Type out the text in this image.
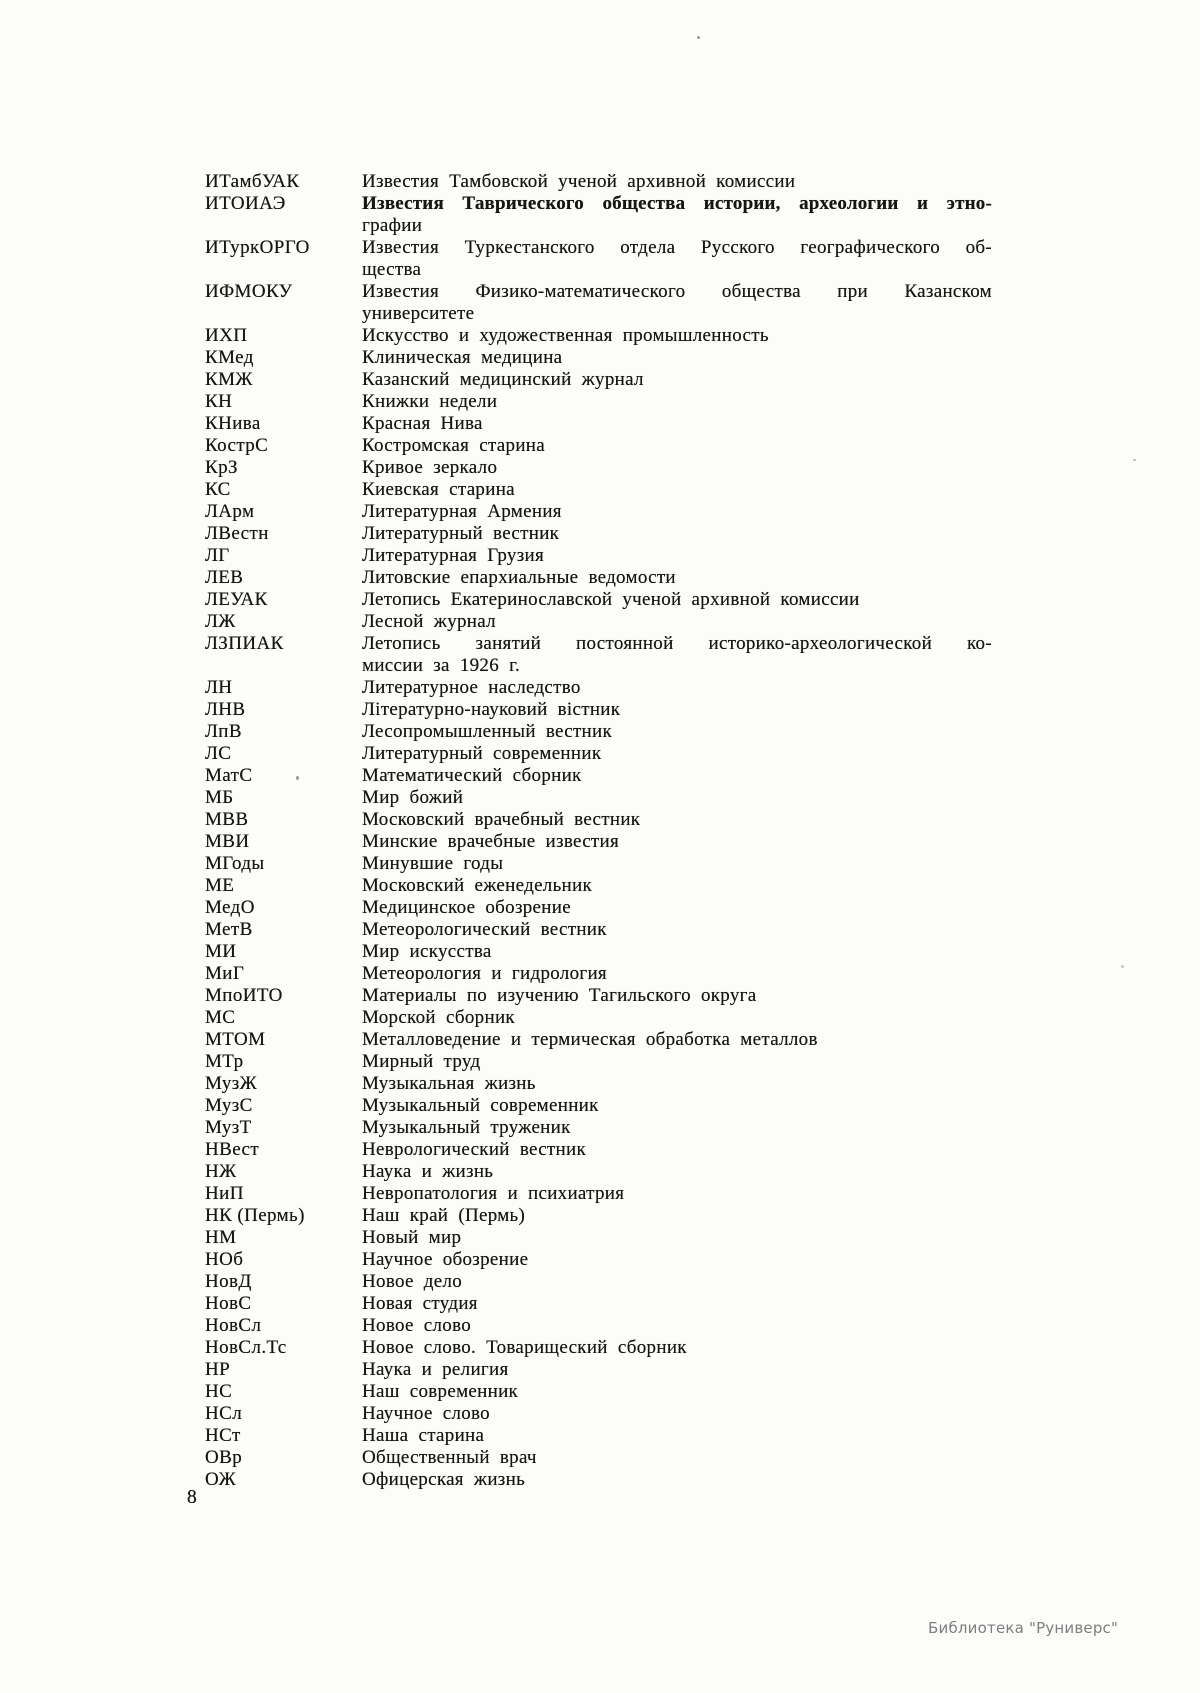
ИТамбУАК	Известия Тамбовской ученой архивной комиссии
ИТОИАЭ	Известия Таврического общества истории, археологии и этно-
графии
ИТуркОРГО	Известия Туркестанского отдела Русского географического об-
щества
ИФМОКУ	Известия Физико-математического общества при Казанском
университете
ИХП	Искусство и художественная промышленность
КМед	Клиническая медицина
КМЖ	Казанский медицинский журнал
КН	Книжки недели
КНива	Красная Нива
КострС	Костромская старина
КрЗ	Кривое зеркало
КС	Киевская старина
ЛАрм	Литературная Армения
ЛВестн	Литературный вестник
ЛГ	Литературная Грузия
ЛЕВ	Литовские епархиальные ведомости
ЛЕУАК	Летопись Екатеринославской ученой архивной комиссии
ЛЖ	Лесной журнал
ЛЗПИАК	Летопись занятий постоянной историко-археологической ко-
миссии за 1926 г.
ЛН	Литературное наследство
ЛНВ	Літературно-науковий вістник
ЛпВ	Лесопромышленный вестник
ЛС	Литературный современник
МатС	Математический сборник
МБ	Мир божий
МВВ	Московский врачебный вестник
МВИ	Минские врачебные известия
МГоды	Минувшие годы
МЕ	Московский еженедельник
МедО	Медицинское обозрение
МетВ	Метеорологический вестник
МИ	Мир искусства
МиГ	Метеорология и гидрология
МпоИТО	Материалы по изучению Тагильского округа
МС	Морской сборник
МТОМ	Металловедение и термическая обработка металлов
МТр	Мирный труд
МузЖ	Музыкальная жизнь
МузС	Музыкальный современник
МузТ	Музыкальный труженик
НВест	Неврологический вестник
НЖ	Наука и жизнь
НиП	Невропатология и психиатрия
НК (Пермь)	Наш край (Пермь)
НМ	Новый мир
НОб	Научное обозрение
НовД	Новое дело
НовС	Новая студия
НовСл	Новое слово
НовСл.Тс	Новое слово. Товарищеский сборник
НР	Наука и религия
НС	Наш современник
НСл	Научное слово
НСт	Наша старина
ОВр	Общественный врач
ОЖ	Офицерская жизнь
8
Библиотека "Руниверс"
